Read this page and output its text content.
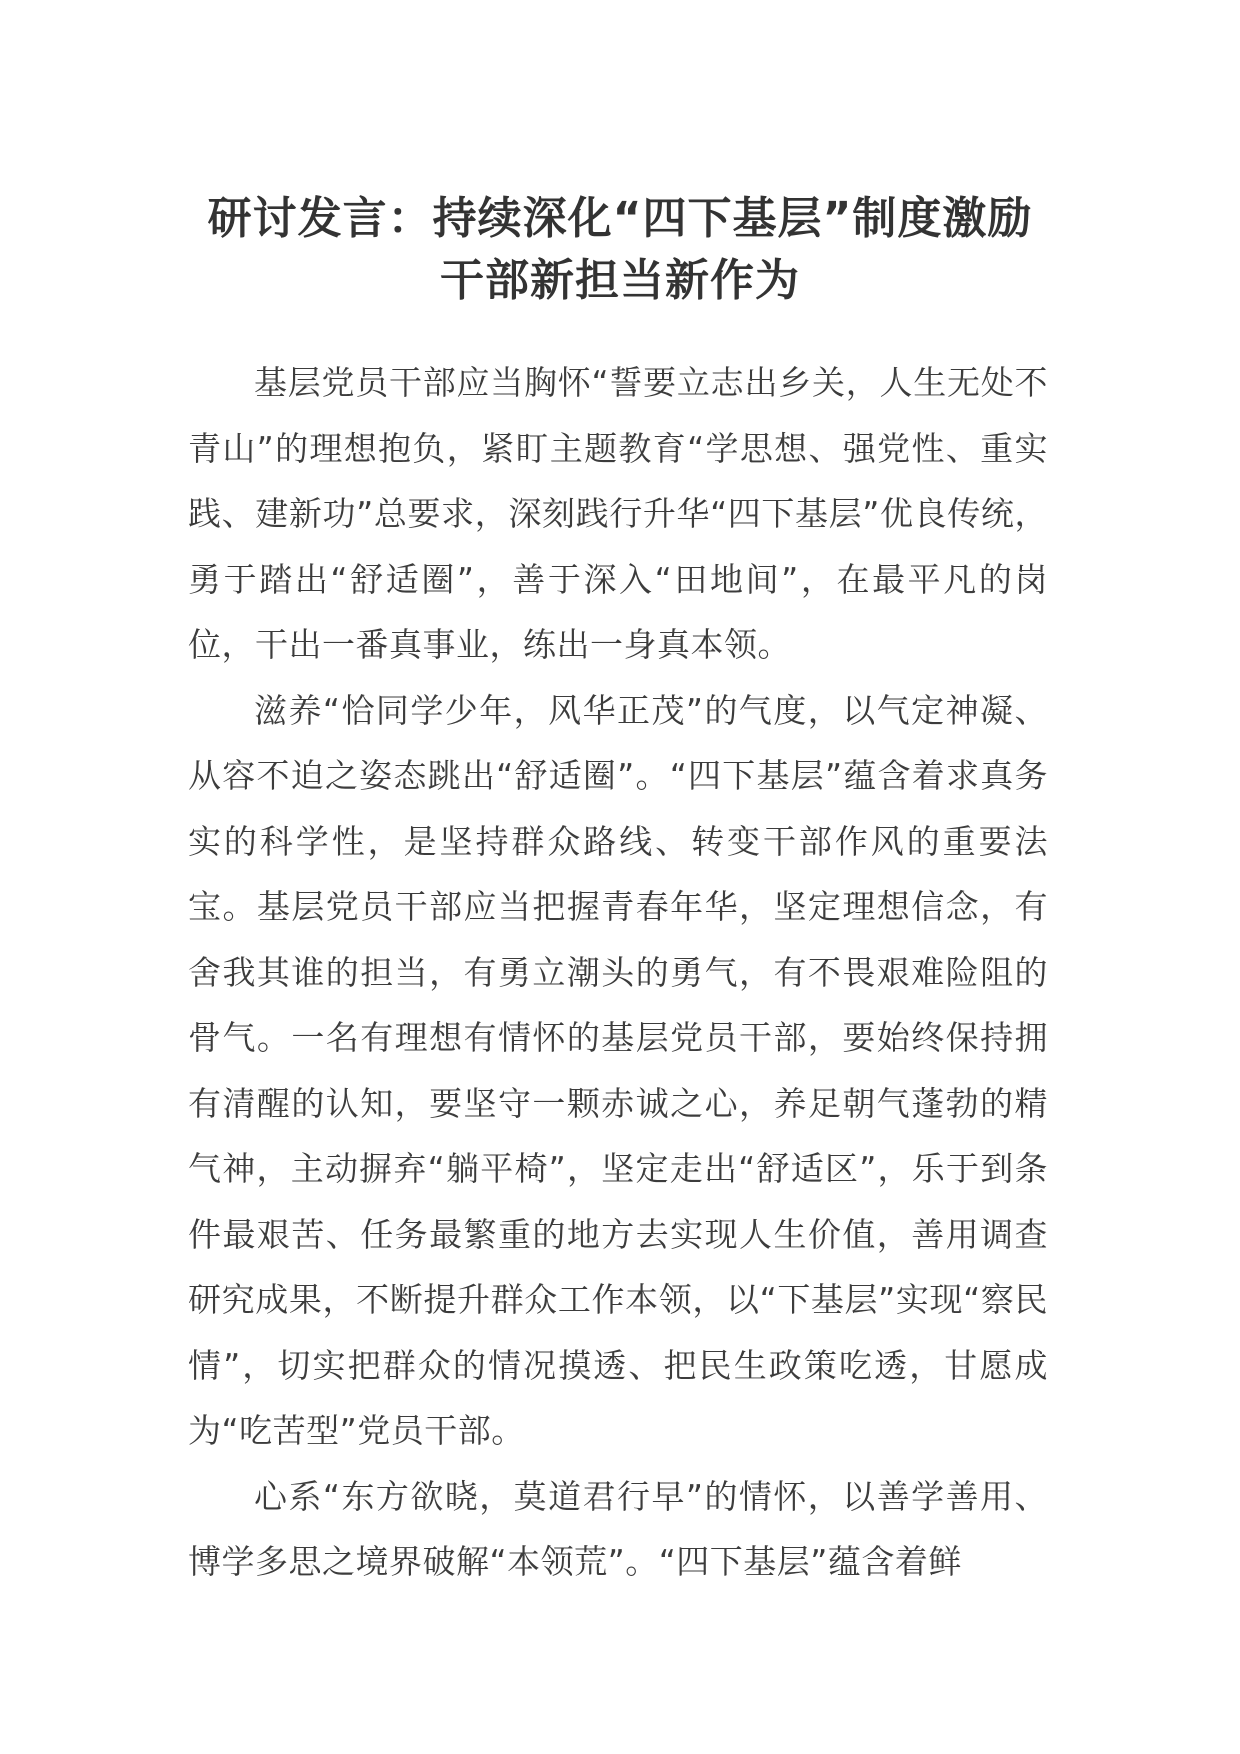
研讨发言：持续深化“四下基层”制度激励干部新担当新作为

基层党员干部应当胸怀“誓要立志出乡关，人生无处不青山”的理想抱负，紧盯主题教育“学思想、强党性、重实践、建新功”总要求，深刻践行升华“四下基层”优良传统，勇于踏出“舒适圈”，善于深入“田地间”，在最平凡的岗位，干出一番真事业，练出一身真本领。

滋养“恰同学少年，风华正茂”的气度，以气定神凝、从容不迫之姿态跳出“舒适圈”。“四下基层”蕴含着求真务实的科学性，是坚持群众路线、转变干部作风的重要法宝。基层党员干部应当把握青春年华，坚定理想信念，有舍我其谁的担当，有勇立潮头的勇气，有不畏艰难险阻的骨气。一名有理想有情怀的基层党员干部，要始终保持拥有清醒的认知，要坚守一颗赤诚之心，养足朝气蓬勃的精气神，主动摒弃“躺平椅”，坚定走出“舒适区”，乐于到条件最艰苦、任务最繁重的地方去实现人生价值，善用调查研究成果，不断提升群众工作本领，以“下基层”实现“察民情”，切实把群众的情况摸透、把民生政策吃透，甘愿成为“吃苦型”党员干部。

心系“东方欲晓，莫道君行早”的情怀，以善学善用、博学多思之境界破解“本领荒”。“四下基层”蕴含着鲜
